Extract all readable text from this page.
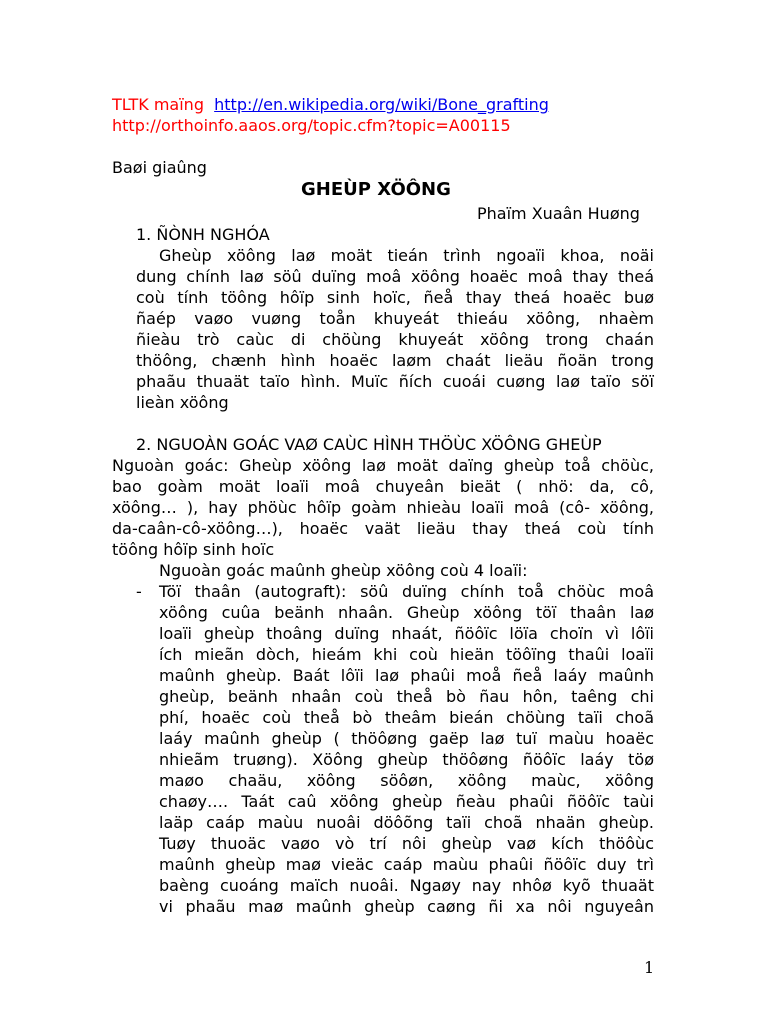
TLTK maïng http://en.wikipedia.org/wiki/Bone_grafting
http://orthoinfo.aaos.org/topic.cfm?topic=A00115
Baøi giaûng
GHEÙP XÖÔNG
Phaïm Xuaân Huøng
1. ÑÒNH NGHÓA
Gheùp xöông laø moät tieán trình ngoaïi khoa, noäi
dung chính laø söû duïng moâ xöông hoaëc moâ thay theá
coù tính töông hôïp sinh hoïc, ñeå thay theá hoaëc buø
ñaép vaøo vuøng toån khuyeát thieáu xöông, nhaèm
ñieàu trò caùc di chöùng khuyeát xöông trong chaán
thöông, chænh hình hoaëc laøm chaát lieäu ñoän trong
phaãu thuaät taïo hình. Muïc ñích cuoái cuøng laø taïo söï
lieàn xöông
2. NGUOÀN GOÁC VAØ CAÙC HÌNH THÖÙC XÖÔNG GHEÙP
Nguoàn goác: Gheùp xöông laø moät daïng gheùp toå chöùc,
bao goàm moät loaïi moâ chuyeân bieät ( nhö: da, cô,
xöông… ), hay phöùc hôïp goàm nhieàu loaïi moâ (cô- xöông,
da-caân-cô-xöông…), hoaëc vaät lieäu thay theá coù tính
töông hôïp sinh hoïc
Nguoàn goác maûnh gheùp xöông coù 4 loaïi:
- Töï thaân (autograft): söû duïng chính toå chöùc moâ
xöông cuûa beänh nhaân. Gheùp xöông töï thaân laø
loaïi gheùp thoâng duïng nhaát, ñöôïc löïa choïn vì lôïi
ích mieãn dòch, hieám khi coù hieän töôïng thaûi loaïi
maûnh gheùp. Baát lôïi laø phaûi moå ñeå laáy maûnh
gheùp, beänh nhaân coù theå bò ñau hôn, taêng chi
phí, hoaëc coù theå bò theâm bieán chöùng taïi choã
laáy maûnh gheùp ( thöôøng gaëp laø tuï maùu hoaëc
nhieãm truøng). Xöông gheùp thöôøng ñöôïc laáy töø
maøo chaäu, xöông söôøn, xöông maùc, xöông
chaøy…. Taát caû xöông gheùp ñeàu phaûi ñöôïc taùi
laäp caáp maùu nuoâi döôõng taïi choã nhaän gheùp.
Tuøy thuoäc vaøo vò trí nôi gheùp vaø kích thöôùc
maûnh gheùp maø vieäc caáp maùu phaûi ñöôïc duy trì
baèng cuoáng maïch nuoâi. Ngaøy nay nhôø kyõ thuaät
vi phaãu maø maûnh gheùp caøng ñi xa nôi nguyeân
1
